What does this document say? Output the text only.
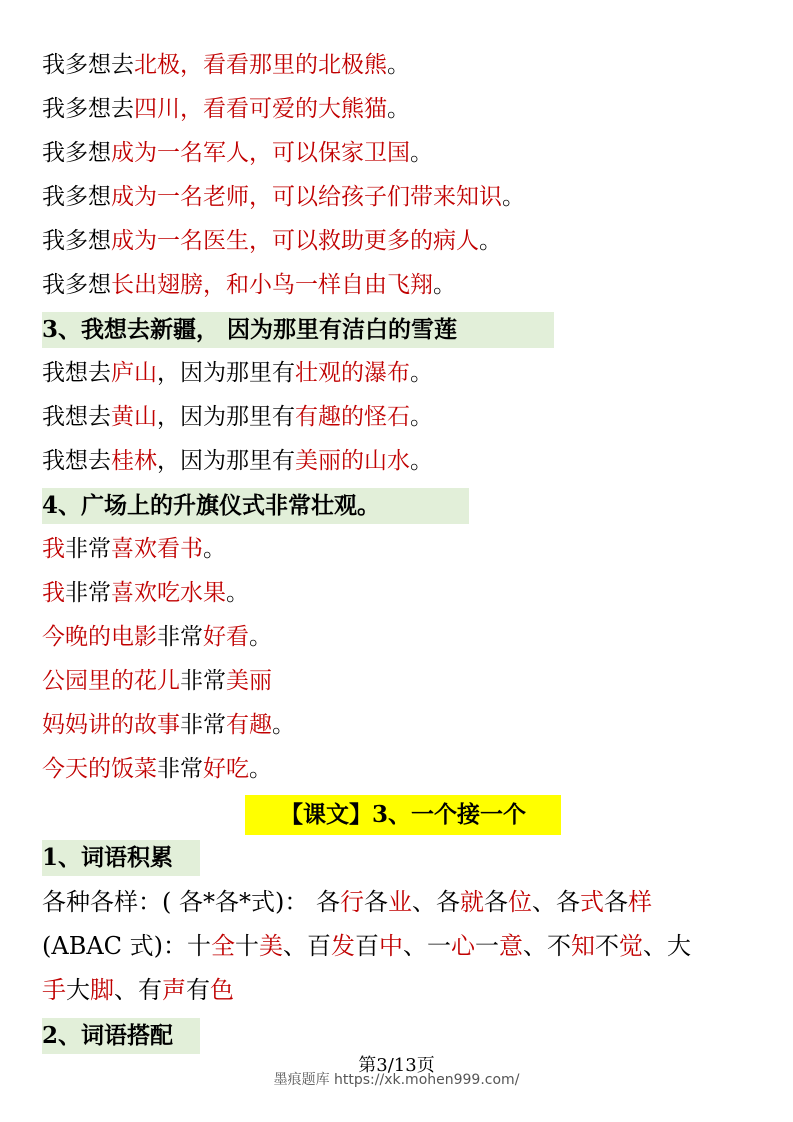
我多想去北极，看看那里的北极熊。
我多想去四川，看看可爱的大熊猫。
我多想成为一名军人，可以保家卫国。
我多想成为一名老师，可以给孩子们带来知识。
我多想成为一名医生，可以救助更多的病人。
我多想长出翅膀，和小鸟一样自由飞翔。
3、我想去新疆， 因为那里有洁白的雪莲
我想去庐山，因为那里有壮观的瀑布。
我想去黄山，因为那里有有趣的怪石。
我想去桂林，因为那里有美丽的山水。
4、广场上的升旗仪式非常壮观。
我非常喜欢看书。
我非常喜欢吃水果。
今晚的电影非常好看。
公园里的花儿非常美丽
妈妈讲的故事非常有趣。
今天的饭菜非常好吃。
【课文】3、一个接一个
1、词语积累
各种各样：( 各*各*式)： 各行各业、各就各位、各式各样
(ABAC 式)：十全十美、百发百中、一心一意、不知不觉、大
手大脚、有声有色
2、词语搭配
第3/13页
墨痕题库 https://xk.mohen999.com/
